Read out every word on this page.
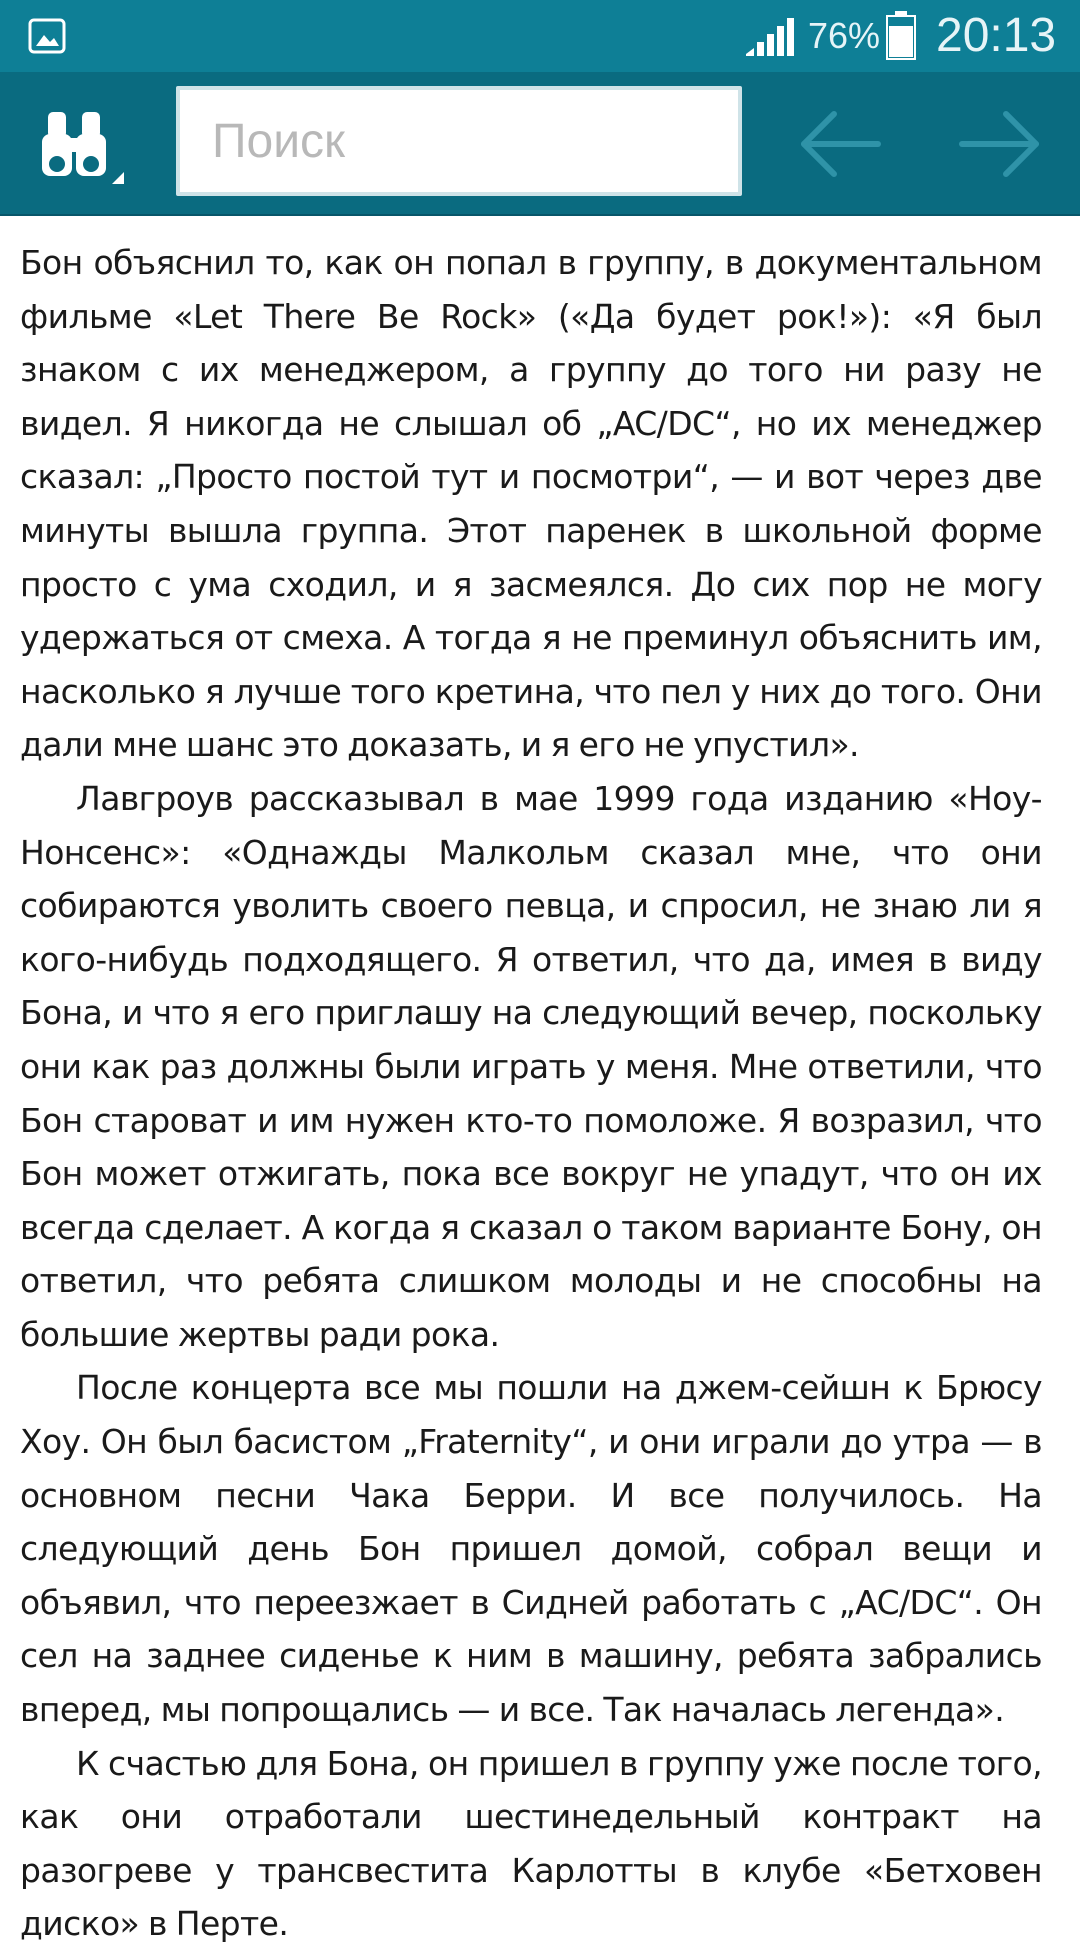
76% 20:13
Поиск

Бон объяснил то, как он попал в группу, в документальном фильме «Let There Be Rock» («Да будет рок!»): «Я был знаком с их менеджером, а группу до того ни разу не видел. Я никогда не слышал об „AC/DC“, но их менеджер сказал: „Просто постой тут и посмотри“, — и вот через две минуты вышла группа. Этот паренек в школьной форме просто с ума сходил, и я засмеялся. До сих пор не могу удержаться от смеха. А тогда я не преминул объяснить им, насколько я лучше того кретина, что пел у них до того. Они дали мне шанс это доказать, и я его не упустил».

Лавгроув рассказывал в мае 1999 года изданию «Ноу-Нонсенс»: «Однажды Малкольм сказал мне, что они собираются уволить своего певца, и спросил, не знаю ли я кого-нибудь подходящего. Я ответил, что да, имея в виду Бона, и что я его приглашу на следующий вечер, поскольку они как раз должны были играть у меня. Мне ответили, что Бон староват и им нужен кто-то помоложе. Я возразил, что Бон может отжигать, пока все вокруг не упадут, что он их всегда сделает. А когда я сказал о таком варианте Бону, он ответил, что ребята слишком молоды и не способны на большие жертвы ради рока.

После концерта все мы пошли на джем-сейшн к Брюсу Хоу. Он был басистом „Fraternity“, и они играли до утра — в основном песни Чака Берри. И все получилось. На следующий день Бон пришел домой, собрал вещи и объявил, что переезжает в Сидней работать с „AC/DC“. Он сел на заднее сиденье к ним в машину, ребята забрались вперед, мы попрощались — и все. Так началась легенда».

К счастью для Бона, он пришел в группу уже после того, как они отработали шестинедельный контракт на разогреве у трансвестита Карлотты в клубе «Бетховен диско» в Перте.
